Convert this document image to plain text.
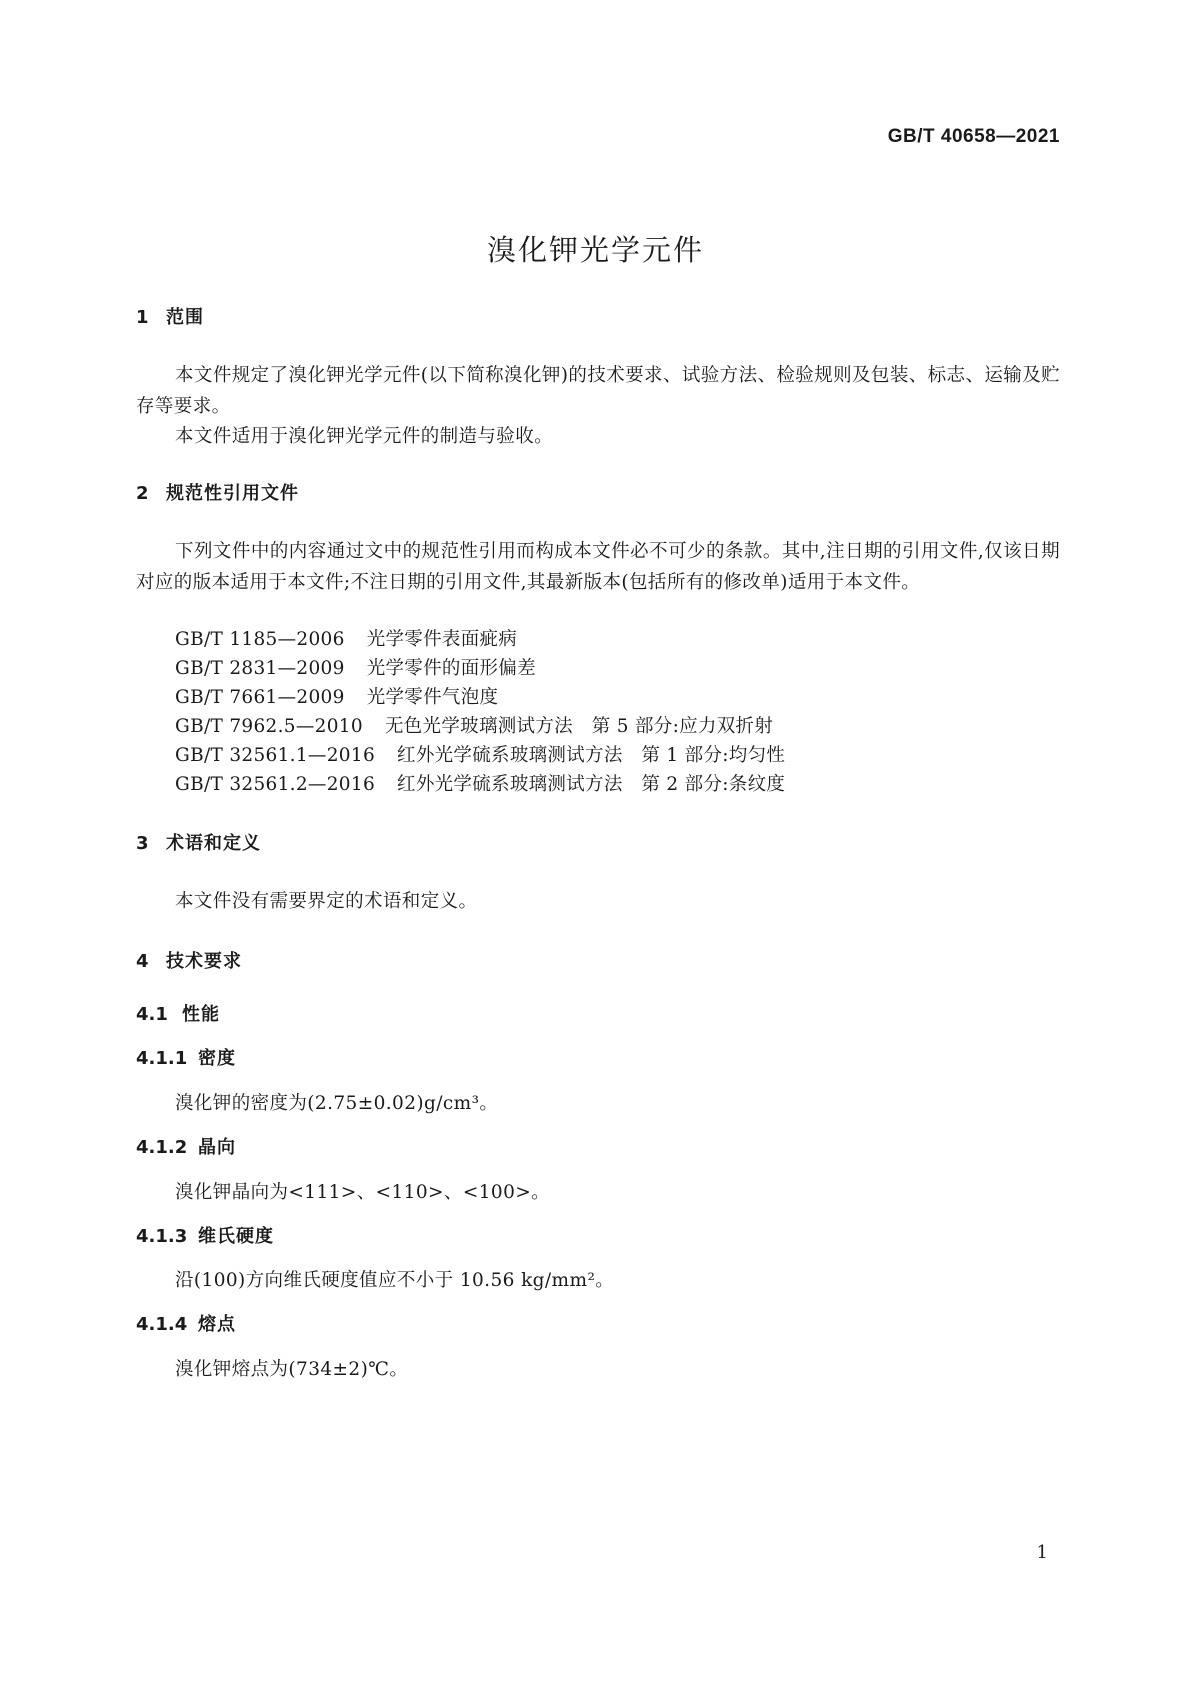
GB/T 40658—2021
溴化钾光学元件
1 范围
本文件规定了溴化钾光学元件(以下简称溴化钾)的技术要求、试验方法、检验规则及包装、标志、运输及贮存等要求。
本文件适用于溴化钾光学元件的制造与验收。
2 规范性引用文件
下列文件中的内容通过文中的规范性引用而构成本文件必不可少的条款。其中,注日期的引用文件,仅该日期对应的版本适用于本文件;不注日期的引用文件,其最新版本(包括所有的修改单)适用于本文件。
GB/T 1185—2006 光学零件表面疵病
GB/T 2831—2009 光学零件的面形偏差
GB/T 7661—2009 光学零件气泡度
GB/T 7962.5—2010 无色光学玻璃测试方法　第 5 部分:应力双折射
GB/T 32561.1—2016 红外光学硫系玻璃测试方法　第 1 部分:均匀性
GB/T 32561.2—2016 红外光学硫系玻璃测试方法　第 2 部分:条纹度
3 术语和定义
本文件没有需要界定的术语和定义。
4 技术要求
4.1 性能
4.1.1 密度
溴化钾的密度为(2.75±0.02)g/cm³。
4.1.2 晶向
溴化钾晶向为<111>、<110>、<100>。
4.1.3 维氏硬度
沿(100)方向维氏硬度值应不小于 10.56 kg/mm²。
4.1.4 熔点
溴化钾熔点为(734±2)℃。
1
